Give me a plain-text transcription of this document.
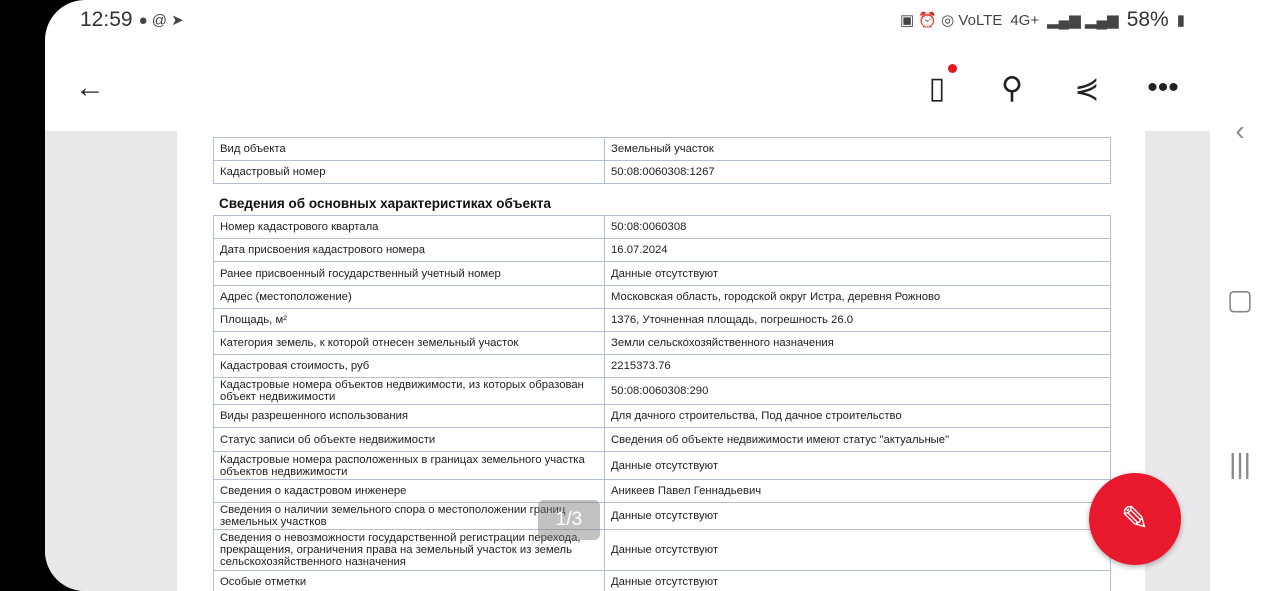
12:59 ● @ ➤	▣ ⏰ ◎ VoLTE 4G+ ▂▄▆ ▂▄▆ 58% ▮
←	▯ ⚲ ⋞ •••
Вид объекта	Земельный участок
Кадастровый номер	50:08:0060308:1267
Сведения об основных характеристиках объекта
Номер кадастрового квартала	50:08:0060308
Дата присвоения кадастрового номера	16.07.2024
Ранее присвоенный государственный учетный номер	Данные отсутствуют
Адрес (местоположение)	Московская область, городской округ Истра, деревня Рожново
Площадь, м²	1376, Уточненная площадь, погрешность 26.0
Категория земель, к которой отнесен земельный участок	Земли сельскохозяйственного назначения
Кадастровая стоимость, руб	2215373.76
Кадастровые номера объектов недвижимости, из которых образован объект недвижимости	50:08:0060308:290
Виды разрешенного использования	Для дачного строительства, Под дачное строительство
Статус записи об объекте недвижимости	Сведения об объекте недвижимости имеют статус "актуальные"
Кадастровые номера расположенных в границах земельного участка объектов недвижимости	Данные отсутствуют
Сведения о кадастровом инженере	Аникеев Павел Геннадьевич
Сведения о наличии земельного спора о местоположении границ земельных участков	Данные отсутствуют
Сведения о невозможности государственной регистрации перехода, прекращения, ограничения права на земельный участок из земель сельскохозяйственного назначения	Данные отсутствуют
Особые отметки	Данные отсутствуют
1/3
‹
▢
|||
✎
